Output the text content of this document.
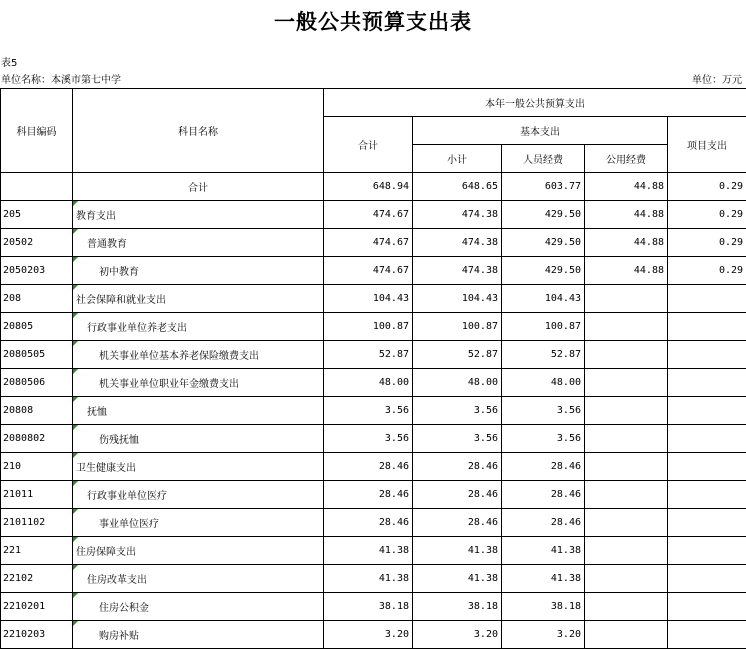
一般公共预算支出表
表5
单位名称：本溪市第七中学	单位：万元
科目编码	科目名称	本年一般公共预算支出				
		合计	基本支出			项目支出
			小计	人员经费	公用经费	
	合计	648.94	648.65	603.77	44.88	0.29
205	教育支出	474.67	474.38	429.50	44.88	0.29
20502	普通教育	474.67	474.38	429.50	44.88	0.29
2050203	初中教育	474.67	474.38	429.50	44.88	0.29
208	社会保障和就业支出	104.43	104.43	104.43		
20805	行政事业单位养老支出	100.87	100.87	100.87		
2080505	机关事业单位基本养老保险缴费支出	52.87	52.87	52.87		
2080506	机关事业单位职业年金缴费支出	48.00	48.00	48.00		
20808	抚恤	3.56	3.56	3.56		
2080802	伤残抚恤	3.56	3.56	3.56		
210	卫生健康支出	28.46	28.46	28.46		
21011	行政事业单位医疗	28.46	28.46	28.46		
2101102	事业单位医疗	28.46	28.46	28.46		
221	住房保障支出	41.38	41.38	41.38		
22102	住房改革支出	41.38	41.38	41.38		
2210201	住房公积金	38.18	38.18	38.18		
2210203	购房补贴	3.20	3.20	3.20		
